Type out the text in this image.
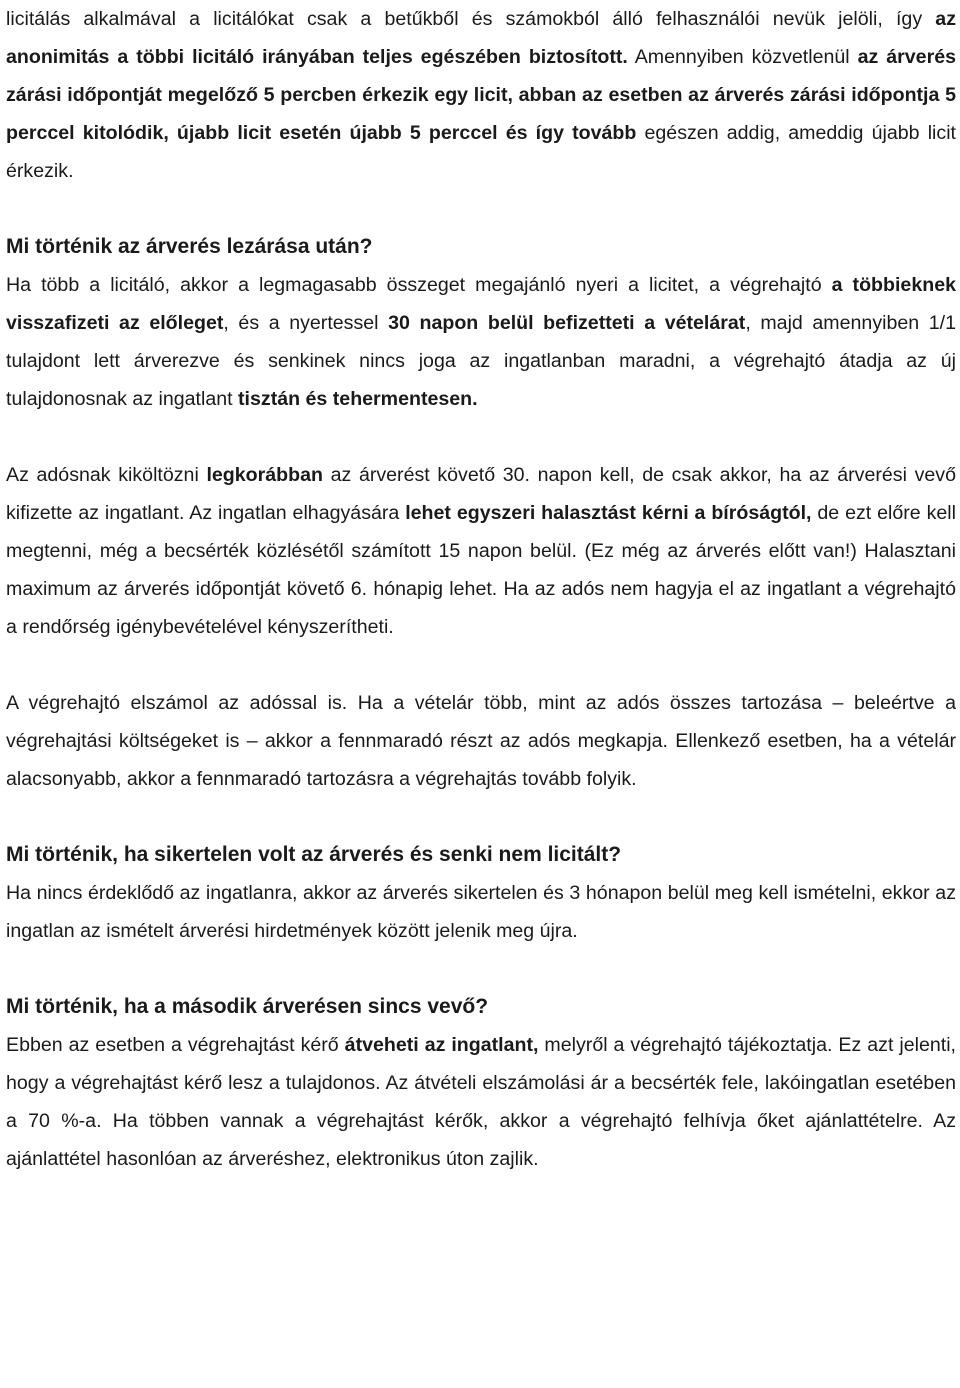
licitálás alkalmával a licitálókat csak a betűkből és számokból álló felhasználói nevük jelöli, így az anonimitás a többi licitáló irányában teljes egészében biztosított. Amennyiben közvetlenül az árverés zárási időpontját megelőző 5 percben érkezik egy licit, abban az esetben az árverés zárási időpontja 5 perccel kitolódik, újabb licit esetén újabb 5 perccel és így tovább egészen addig, ameddig újabb licit érkezik.

Mi történik az árverés lezárása után?

Ha több a licitáló, akkor a legmagasabb összeget megajánló nyeri a licitet, a végrehajtó a többieknek visszafizeti az előleget, és a nyertessel 30 napon belül befizetteti a vételárat, majd amennyiben 1/1 tulajdont lett árverezve és senkinek nincs joga az ingatlanban maradni, a végrehajtó átadja az új tulajdonosnak az ingatlant tisztán és tehermentesen.

Az adósnak kiköltözni legkorábban az árverést követő 30. napon kell, de csak akkor, ha az árverési vevő kifizette az ingatlant. Az ingatlan elhagyására lehet egyszeri halasztást kérni a bíróságtól, de ezt előre kell megtenni, még a becsérték közlésétől számított 15 napon belül. (Ez még az árverés előtt van!) Halasztani maximum az árverés időpontját követő 6. hónapig lehet. Ha az adós nem hagyja el az ingatlant a végrehajtó a rendőrség igénybevételével kényszerítheti.

A végrehajtó elszámol az adóssal is. Ha a vételár több, mint az adós összes tartozása – beleértve a végrehajtási költségeket is – akkor a fennmaradó részt az adós megkapja. Ellenkező esetben, ha a vételár alacsonyabb, akkor a fennmaradó tartozásra a végrehajtás tovább folyik.

Mi történik, ha sikertelen volt az árverés és senki nem licitált?

Ha nincs érdeklődő az ingatlanra, akkor az árverés sikertelen és 3 hónapon belül meg kell ismételni, ekkor az ingatlan az ismételt árverési hirdetmények között jelenik meg újra.

Mi történik, ha a második árverésen sincs vevő?

Ebben az esetben a végrehajtást kérő átveheti az ingatlant, melyről a végrehajtó tájékoztatja. Ez azt jelenti, hogy a végrehajtást kérő lesz a tulajdonos. Az átvételi elszámolási ár a becsérték fele, lakóingatlan esetében a 70 %-a. Ha többen vannak a végrehajtást kérők, akkor a végrehajtó felhívja őket ajánlattételre. Az ajánlattétel hasonlóan az árveréshez, elektronikus úton zajlik.
